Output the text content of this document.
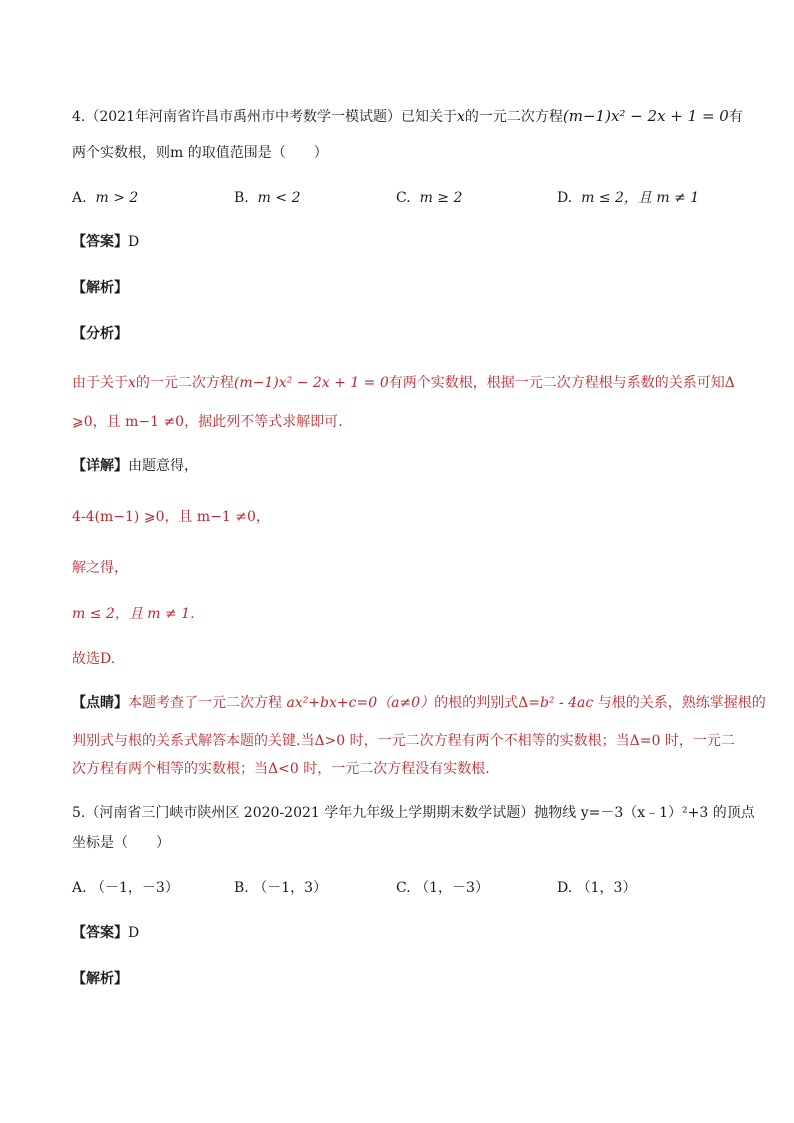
4.（2021年河南省许昌市禹州市中考数学一模试题）已知关于x的一元二次方程(m−1)x² − 2x + 1 = 0有
两个实数根，则m 的取值范围是（　　）
A. m > 2	B. m < 2	C. m ≥ 2	D. m ≤ 2，且 m ≠ 1
【答案】D
【解析】
【分析】
由于关于x的一元二次方程(m−1)x² − 2x + 1 = 0有两个实数根，根据一元二次方程根与系数的关系可知Δ
⩾0，且 m−1 ≠0，据此列不等式求解即可.
【详解】由题意得，
4-4(m−1) ⩾0，且 m−1 ≠0，
解之得，
m ≤ 2，且 m ≠ 1.
故选D.
【点睛】本题考查了一元二次方程 ax²+bx+c=0（a≠0）的根的判别式Δ=b² - 4ac 与根的关系，熟练掌握根的
判别式与根的关系式解答本题的关键.当Δ>0 时，一元二次方程有两个不相等的实数根；当Δ=0 时，一元二
次方程有两个相等的实数根；当Δ<0 时，一元二次方程没有实数根.
5.（河南省三门峡市陕州区 2020-2021 学年九年级上学期期末数学试题）抛物线 y=－3（x﹣1）²+3 的顶点
坐标是（　　）
A. （－1，－3）	B. （－1，3）	C. （1，－3）	D. （1，3）
【答案】D
【解析】
